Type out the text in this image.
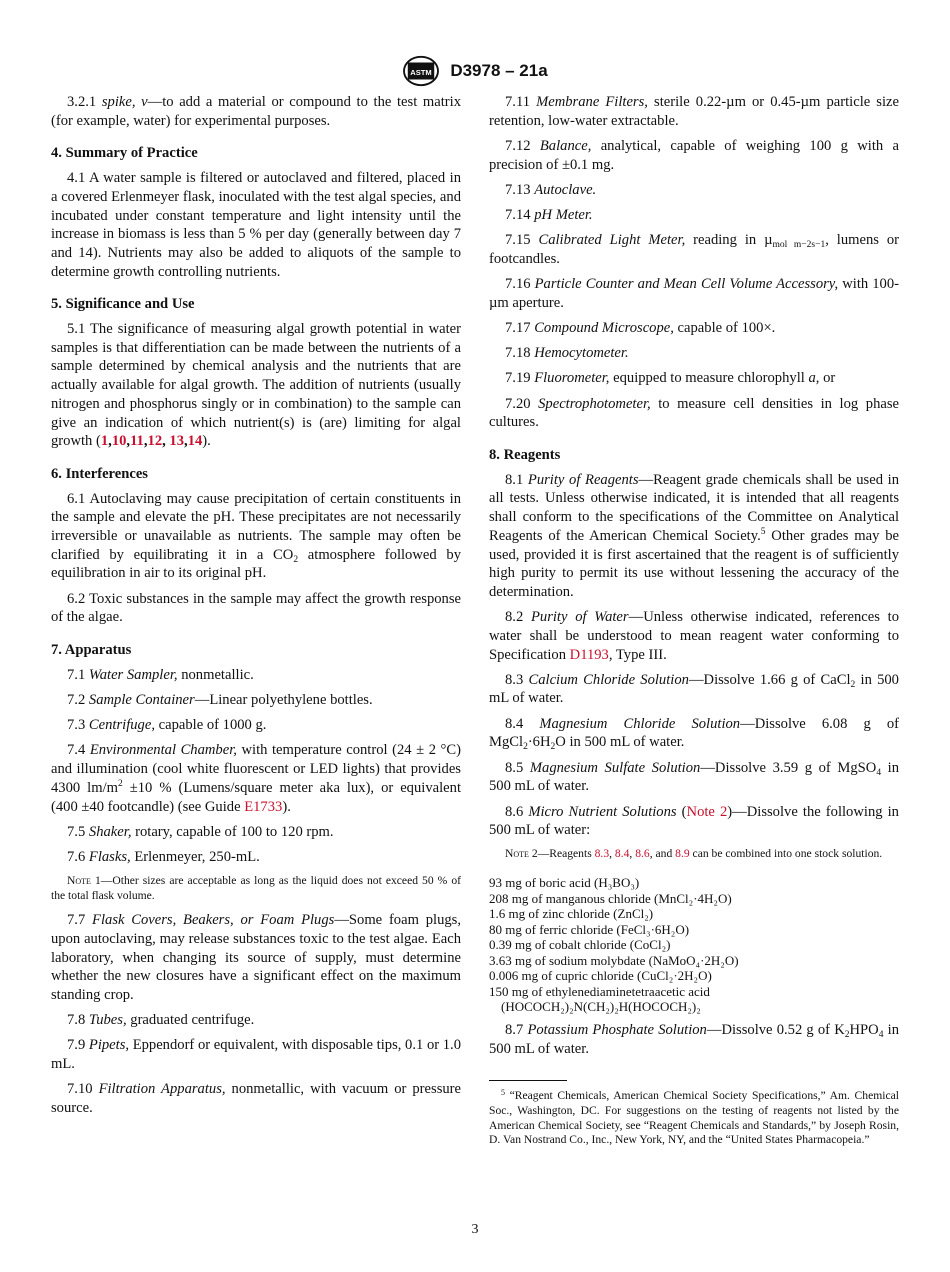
ASTM D3978 – 21a

3.2.1 spike, v—to add a material or compound to the test matrix (for example, water) for experimental purposes.

4. Summary of Practice

4.1 A water sample is filtered or autoclaved and filtered, placed in a covered Erlenmeyer flask, inoculated with the test algal species, and incubated under constant temperature and light intensity until the increase in biomass is less than 5 % per day (generally between day 7 and 14). Nutrients may also be added to aliquots of the sample to determine growth controlling nutrients.

5. Significance and Use

5.1 The significance of measuring algal growth potential in water samples is that differentiation can be made between the nutrients of a sample determined by chemical analysis and the nutrients that are actually available for algal growth. The addition of nutrients (usually nitrogen and phosphorus singly or in combination) to the sample can give an indication of which nutrient(s) is (are) limiting for algal growth (1,10,11,12, 13,14).

6. Interferences

6.1 Autoclaving may cause precipitation of certain constituents in the sample and elevate the pH. These precipitates are not necessarily irreversible or unavailable as nutrients. The sample may often be clarified by equilibrating it in a $CO_2$ atmosphere followed by equilibration in air to its original pH.

6.2 Toxic substances in the sample may affect the growth response of the algae.

7. Apparatus

7.1 Water Sampler, nonmetallic.

7.2 Sample Container—Linear polyethylene bottles.

7.3 Centrifuge, capable of 1000 g.

7.4 Environmental Chamber, with temperature control (24 ± 2 °C) and illumination (cool white fluorescent or LED lights) that provides 4300 $lm/m^2 \pm 10$ % (Lumens/square meter aka lux), or equivalent (400 ±40 footcandle) (see Guide E1733).

7.5 Shaker, rotary, capable of 100 to 120 rpm.

7.6 Flasks, Erlenmeyer, 250-mL.

Note 1—Other sizes are acceptable as long as the liquid does not exceed 50 % of the total flask volume.

7.7 Flask Covers, Beakers, or Foam Plugs—Some foam plugs, upon autoclaving, may release substances toxic to the test algae. Each laboratory, when changing its source of supply, must determine whether the new closures have a significant effect on the maximum standing crop.

7.8 Tubes, graduated centrifuge.

7.9 Pipets, Eppendorf or equivalent, with disposable tips, 0.1 or 1.0 mL.

7.10 Filtration Apparatus, nonmetallic, with vacuum or pressure source.

7.11 Membrane Filters, sterile 0.22-µm or 0.45-µm particle size retention, low-water extractable.

7.12 Balance, analytical, capable of weighing 100 g with a precision of ±0.1 mg.

7.13 Autoclave.

7.14 pH Meter.

7.15 Calibrated Light Meter, reading in µ$_{mol m-2s-1}$, lumens or footcandles.

7.16 Particle Counter and Mean Cell Volume Accessory, with 100-µm aperture.

7.17 Compound Microscope, capable of 100×.

7.18 Hemocytometer.

7.19 Fluorometer, equipped to measure chlorophyll a, or

7.20 Spectrophotometer, to measure cell densities in log phase cultures.

8. Reagents

8.1 Purity of Reagents—Reagent grade chemicals shall be used in all tests. Unless otherwise indicated, it is intended that all reagents shall conform to the specifications of the Committee on Analytical Reagents of the American Chemical Society.$^5$ Other grades may be used, provided it is first ascertained that the reagent is of sufficiently high purity to permit its use without lessening the accuracy of the determination.

8.2 Purity of Water—Unless otherwise indicated, references to water shall be understood to mean reagent water conforming to Specification D1193, Type III.

8.3 Calcium Chloride Solution—Dissolve 1.66 g of CaCl$_2$ in 500 mL of water.

8.4 Magnesium Chloride Solution—Dissolve 6.08 g of $MgCl_2\cdot 6H_2O$ in 500 mL of water.

8.5 Magnesium Sulfate Solution—Dissolve 3.59 g of MgSO$_4$ in 500 mL of water.

8.6 Micro Nutrient Solutions (Note 2)—Dissolve the following in 500 mL of water:

Note 2—Reagents 8.3, 8.4, 8.6, and 8.9 can be combined into one stock solution.
93 mg of boric acid (H₃BO₃)
208 mg of manganous chloride (MnCl₂·4H₂O)
1.6 mg of zinc chloride (ZnCl₂)
80 mg of ferric chloride (FeCl₃·6H₂O)
0.39 mg of cobalt chloride (CoCl₂)
3.63 mg of sodium molybdate (NaMoO₄·2H₂O)
0.006 mg of cupric chloride (CuCl₂·2H₂O)
150 mg of ethylenediaminetetraacetic acid
(HOCOCH₂)₂N(CH₂)₂H(HOCOCH₂)₂

8.7 Potassium Phosphate Solution—Dissolve 0.52 g of $K_2HPO_4$ in 500 mL of water.

$^5$ “Reagent Chemicals, American Chemical Society Specifications,” Am. Chemical Soc., Washington, DC. For suggestions on the testing of reagents not listed by the American Chemical Society, see “Reagent Chemicals and Standards,” by Joseph Rosin, D. Van Nostrand Co., Inc., New York, NY, and the “United States Pharmacopeia.”

3
